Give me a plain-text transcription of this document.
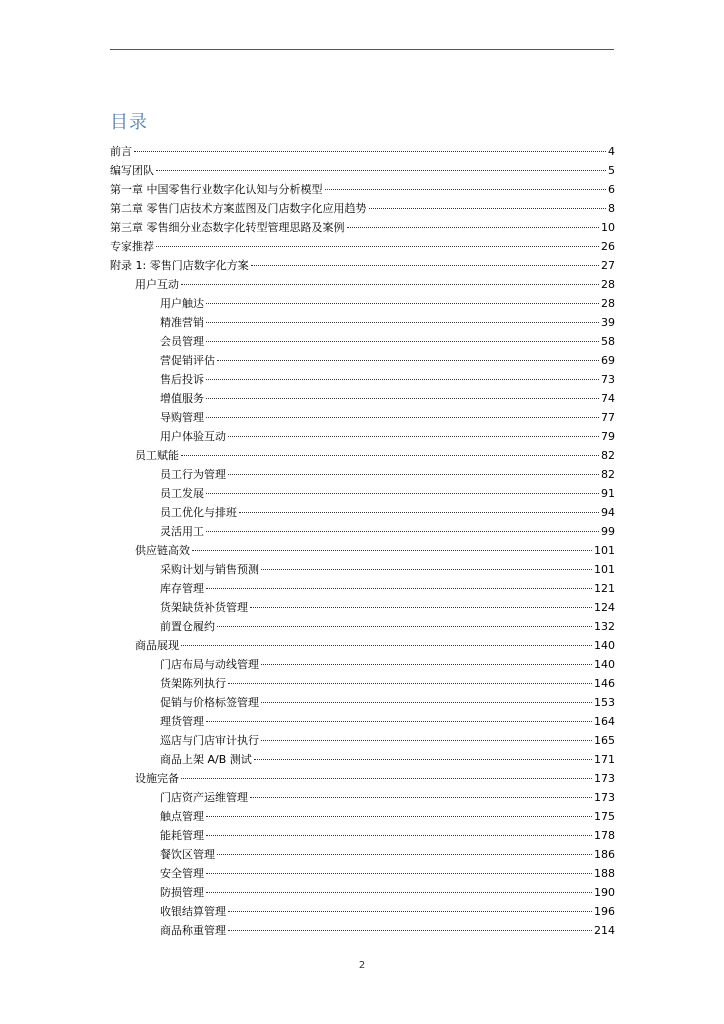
目录
前言	4
编写团队	5
第一章 中国零售行业数字化认知与分析模型	6
第二章 零售门店技术方案蓝图及门店数字化应用趋势	8
第三章 零售细分业态数字化转型管理思路及案例	10
专家推荐	26
附录 1: 零售门店数字化方案	27
用户互动	28
用户触达	28
精准营销	39
会员管理	58
营促销评估	69
售后投诉	73
增值服务	74
导购管理	77
用户体验互动	79
员工赋能	82
员工行为管理	82
员工发展	91
员工优化与排班	94
灵活用工	99
供应链高效	101
采购计划与销售预测	101
库存管理	121
货架缺货补货管理	124
前置仓履约	132
商品展现	140
门店布局与动线管理	140
货架陈列执行	146
促销与价格标签管理	153
理货管理	164
巡店与门店审计执行	165
商品上架 A/B 测试	171
设施完备	173
门店资产运维管理	173
触点管理	175
能耗管理	178
餐饮区管理	186
安全管理	188
防损管理	190
收银结算管理	196
商品称重管理	214
2
